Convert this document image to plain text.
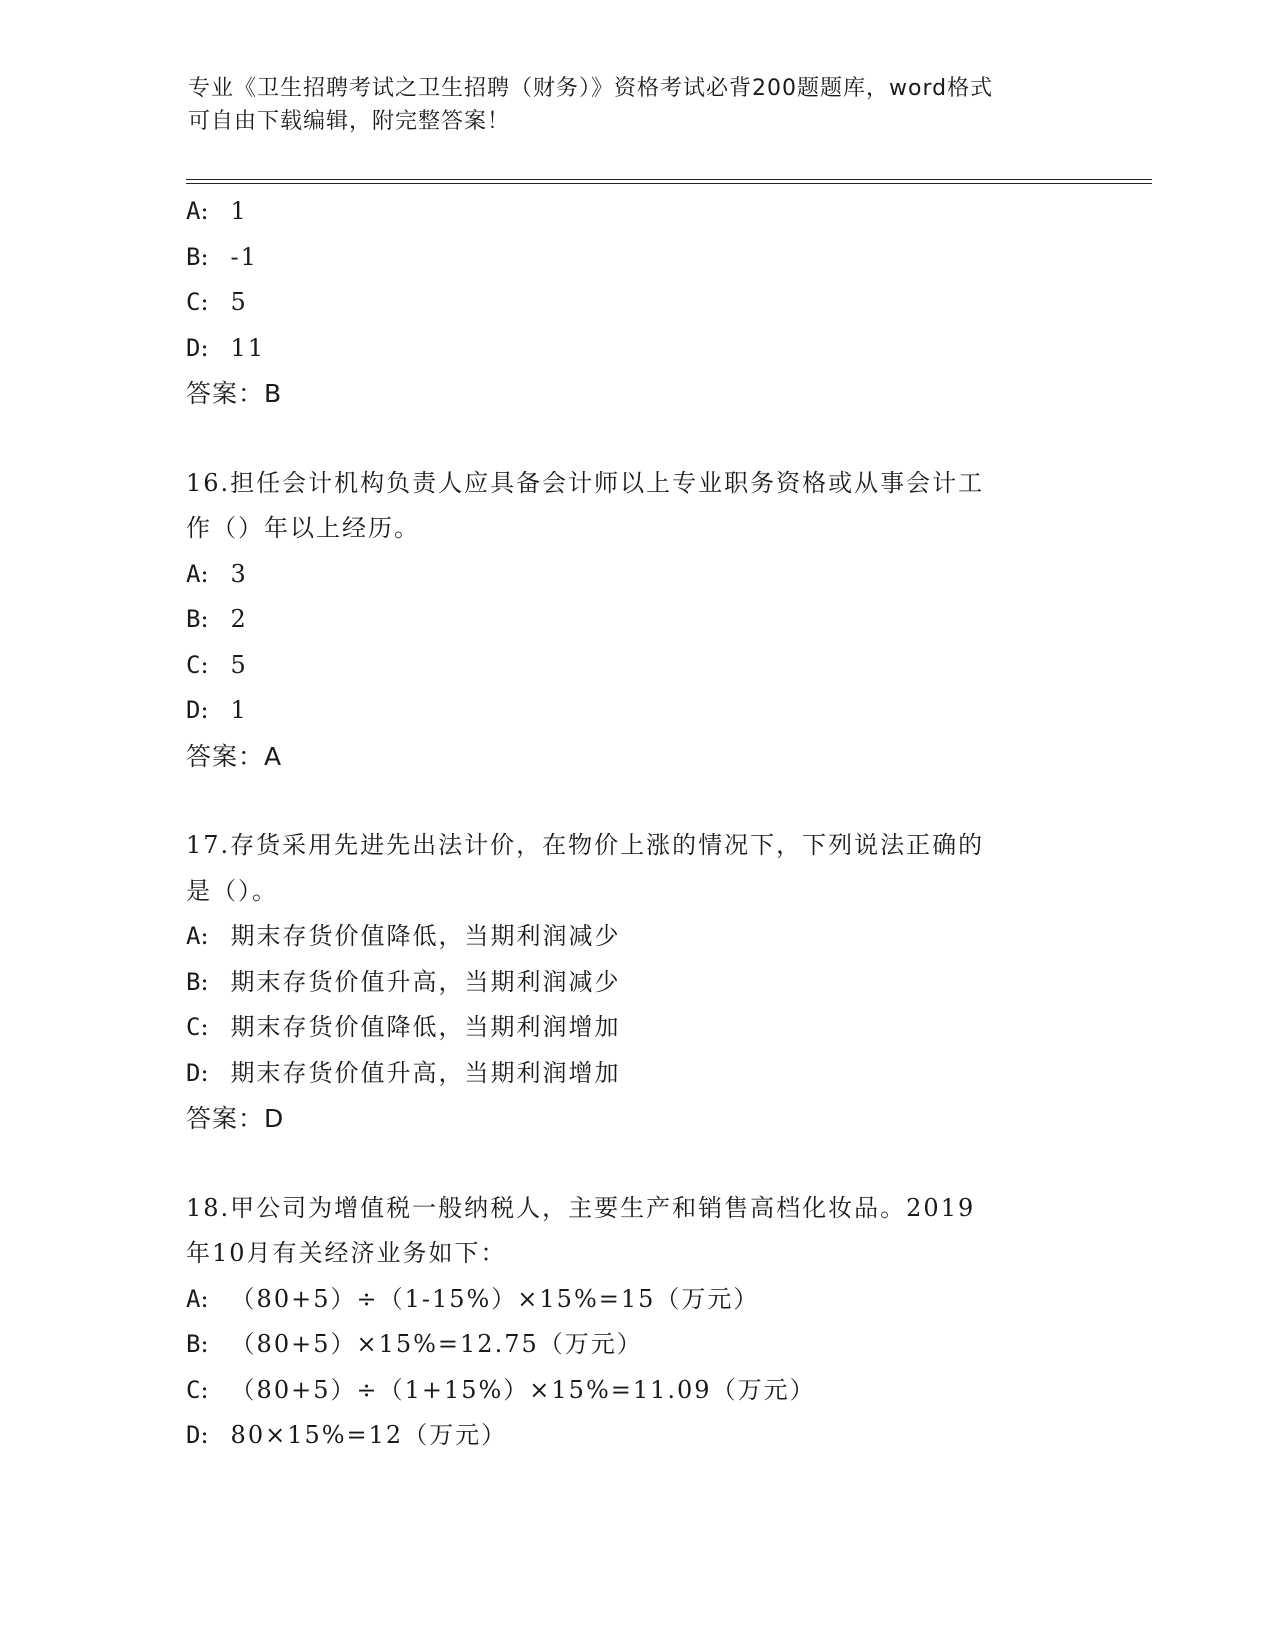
专业《卫生招聘考试之卫生招聘（财务）》资格考试必背200题题库，word格式
可自由下载编辑，附完整答案！
A: 1
B: -1
C: 5
D: 11
答案：B
16.担任会计机构负责人应具备会计师以上专业职务资格或从事会计工
作（）年以上经历。
A: 3
B: 2
C: 5
D: 1
答案：A
17.存货采用先进先出法计价，在物价上涨的情况下，下列说法正确的
是（）。
A: 期末存货价值降低，当期利润减少
B: 期末存货价值升高，当期利润减少
C: 期末存货价值降低，当期利润增加
D: 期末存货价值升高，当期利润增加
答案：D
18.甲公司为增值税一般纳税人，主要生产和销售高档化妆品。2019
年10月有关经济业务如下：
A: （80+5）÷（1-15%）×15%=15（万元）
B: （80+5）×15%=12.75（万元）
C: （80+5）÷（1+15%）×15%=11.09（万元）
D: 80×15%=12（万元）
